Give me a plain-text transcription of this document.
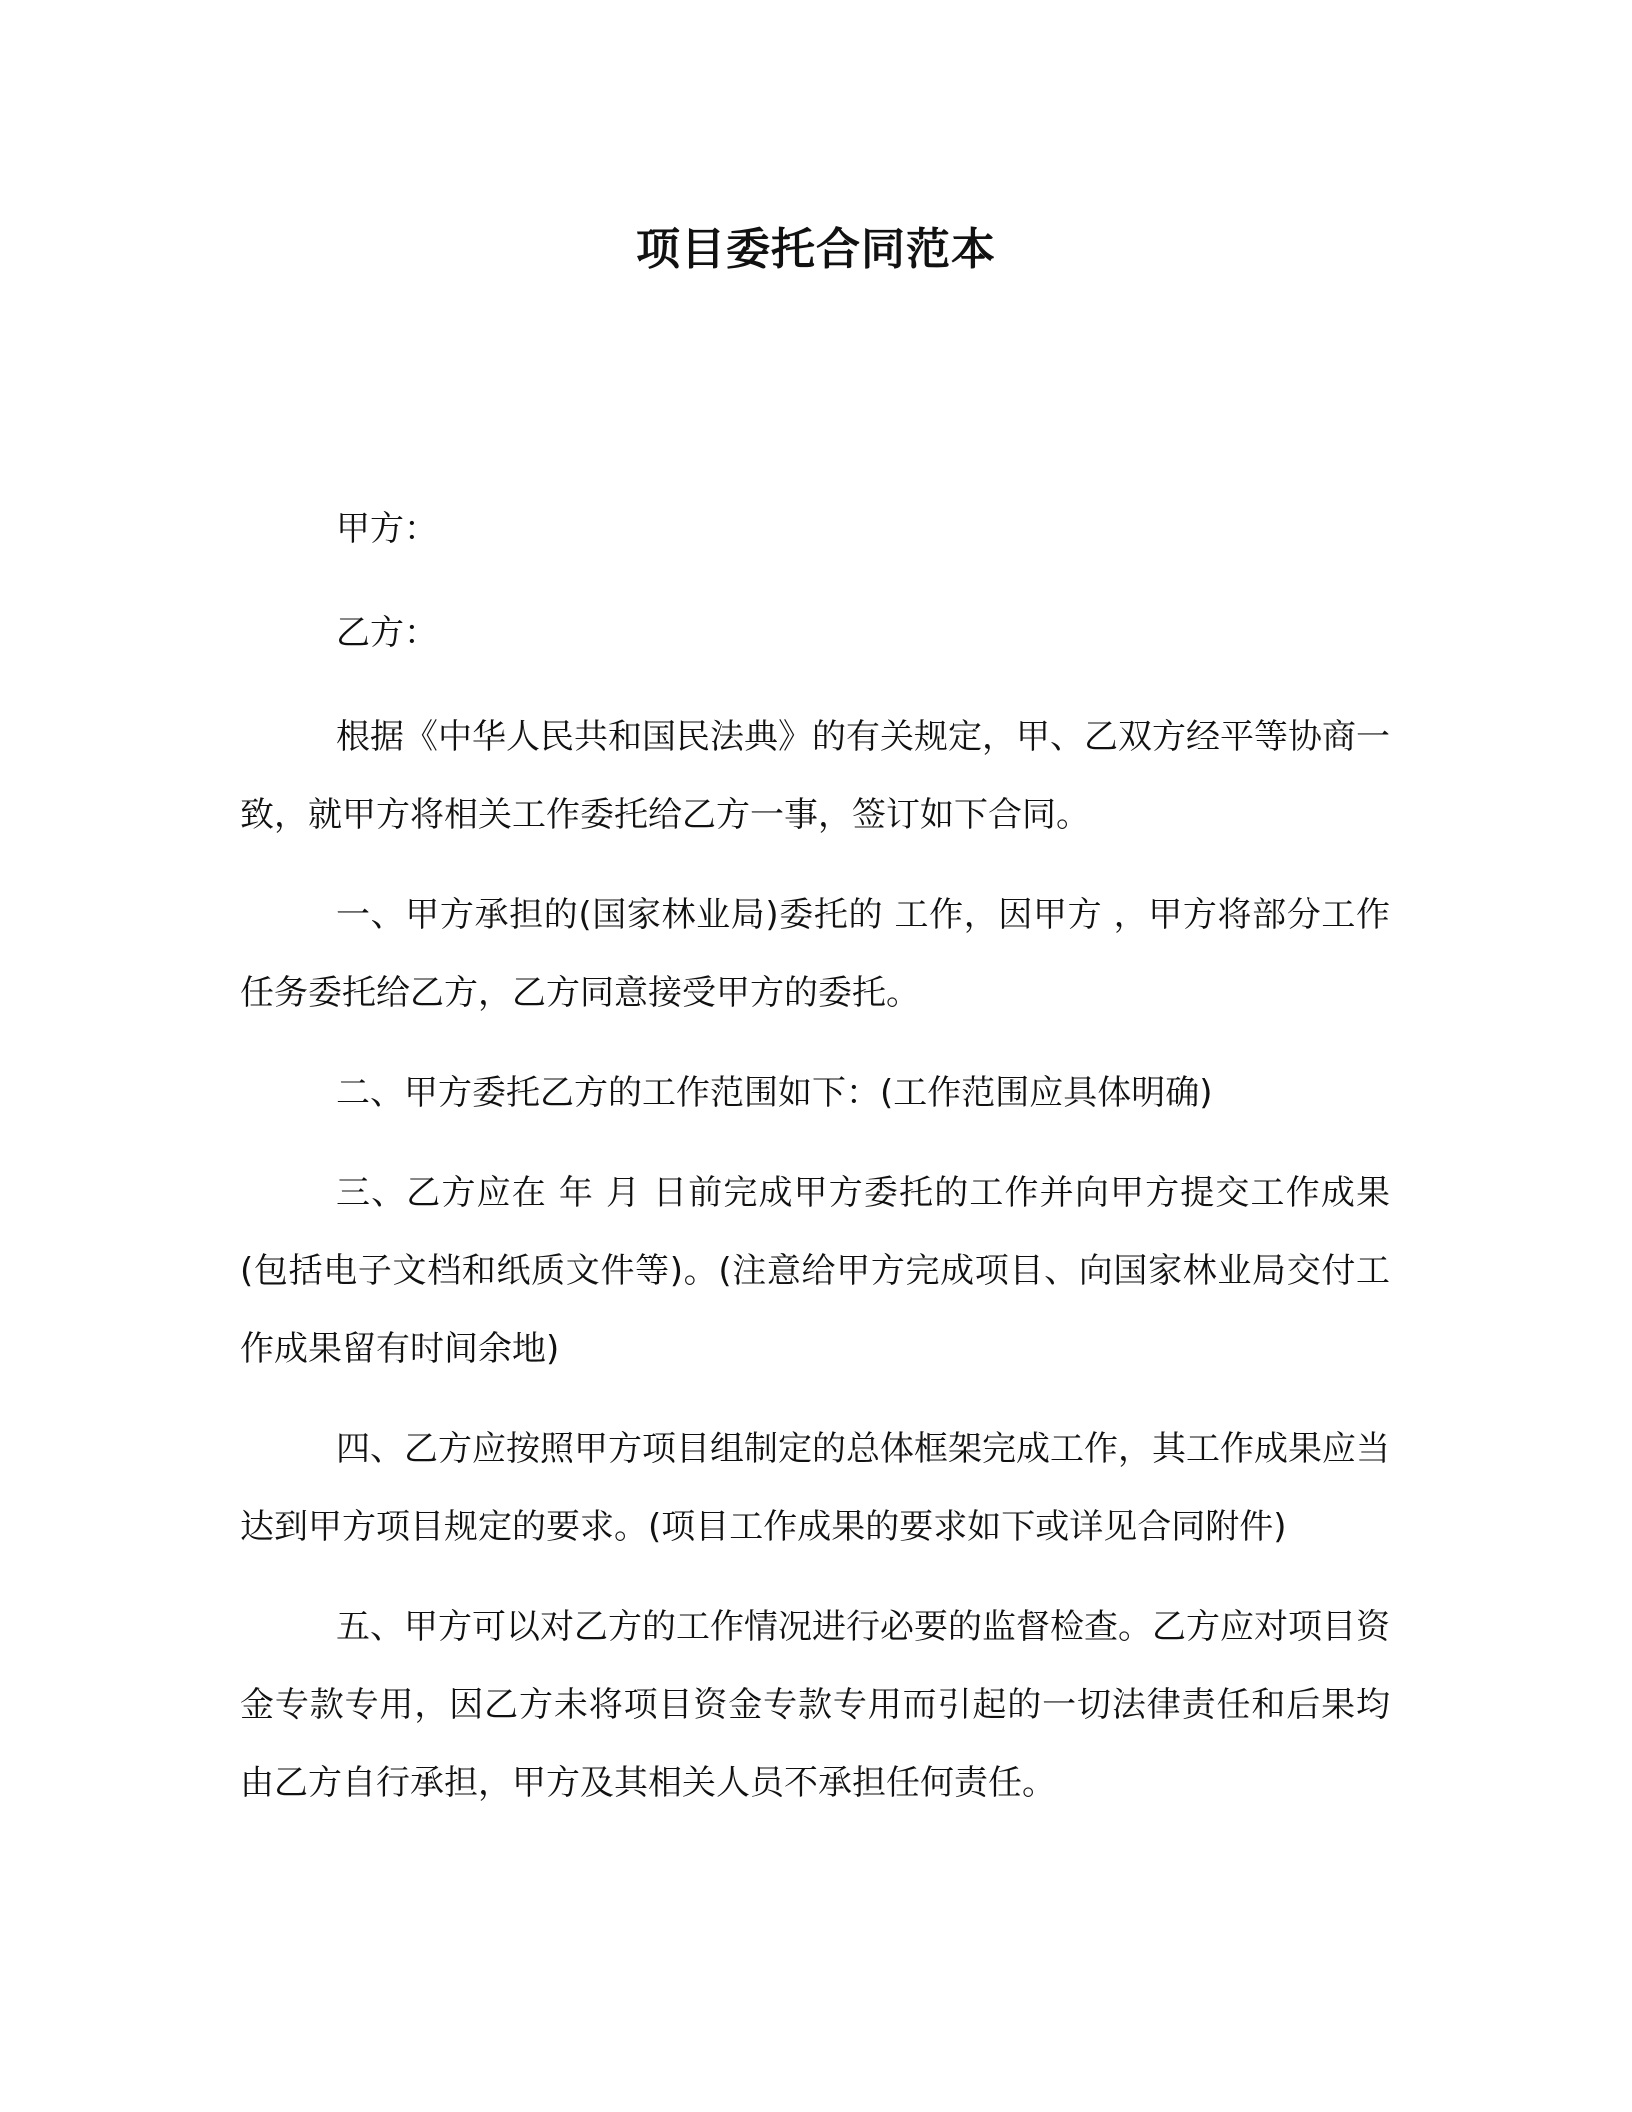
项目委托合同范本
甲方：
乙方：

根据《中华人民共和国民法典》的有关规定，甲、乙双方经平等协商一致，就甲方将相关工作委托给乙方一事，签订如下合同。

一、甲方承担的(国家林业局)委托的 工作，因甲方 ，甲方将部分工作任务委托给乙方，乙方同意接受甲方的委托。

二、甲方委托乙方的工作范围如下：(工作范围应具体明确)

三、乙方应在 年 月 日前完成甲方委托的工作并向甲方提交工作成果(包括电子文档和纸质文件等)。(注意给甲方完成项目、向国家林业局交付工作成果留有时间余地)

四、乙方应按照甲方项目组制定的总体框架完成工作，其工作成果应当达到甲方项目规定的要求。(项目工作成果的要求如下或详见合同附件)

五、甲方可以对乙方的工作情况进行必要的监督检查。乙方应对项目资金专款专用，因乙方未将项目资金专款专用而引起的一切法律责任和后果均由乙方自行承担，甲方及其相关人员不承担任何责任。
